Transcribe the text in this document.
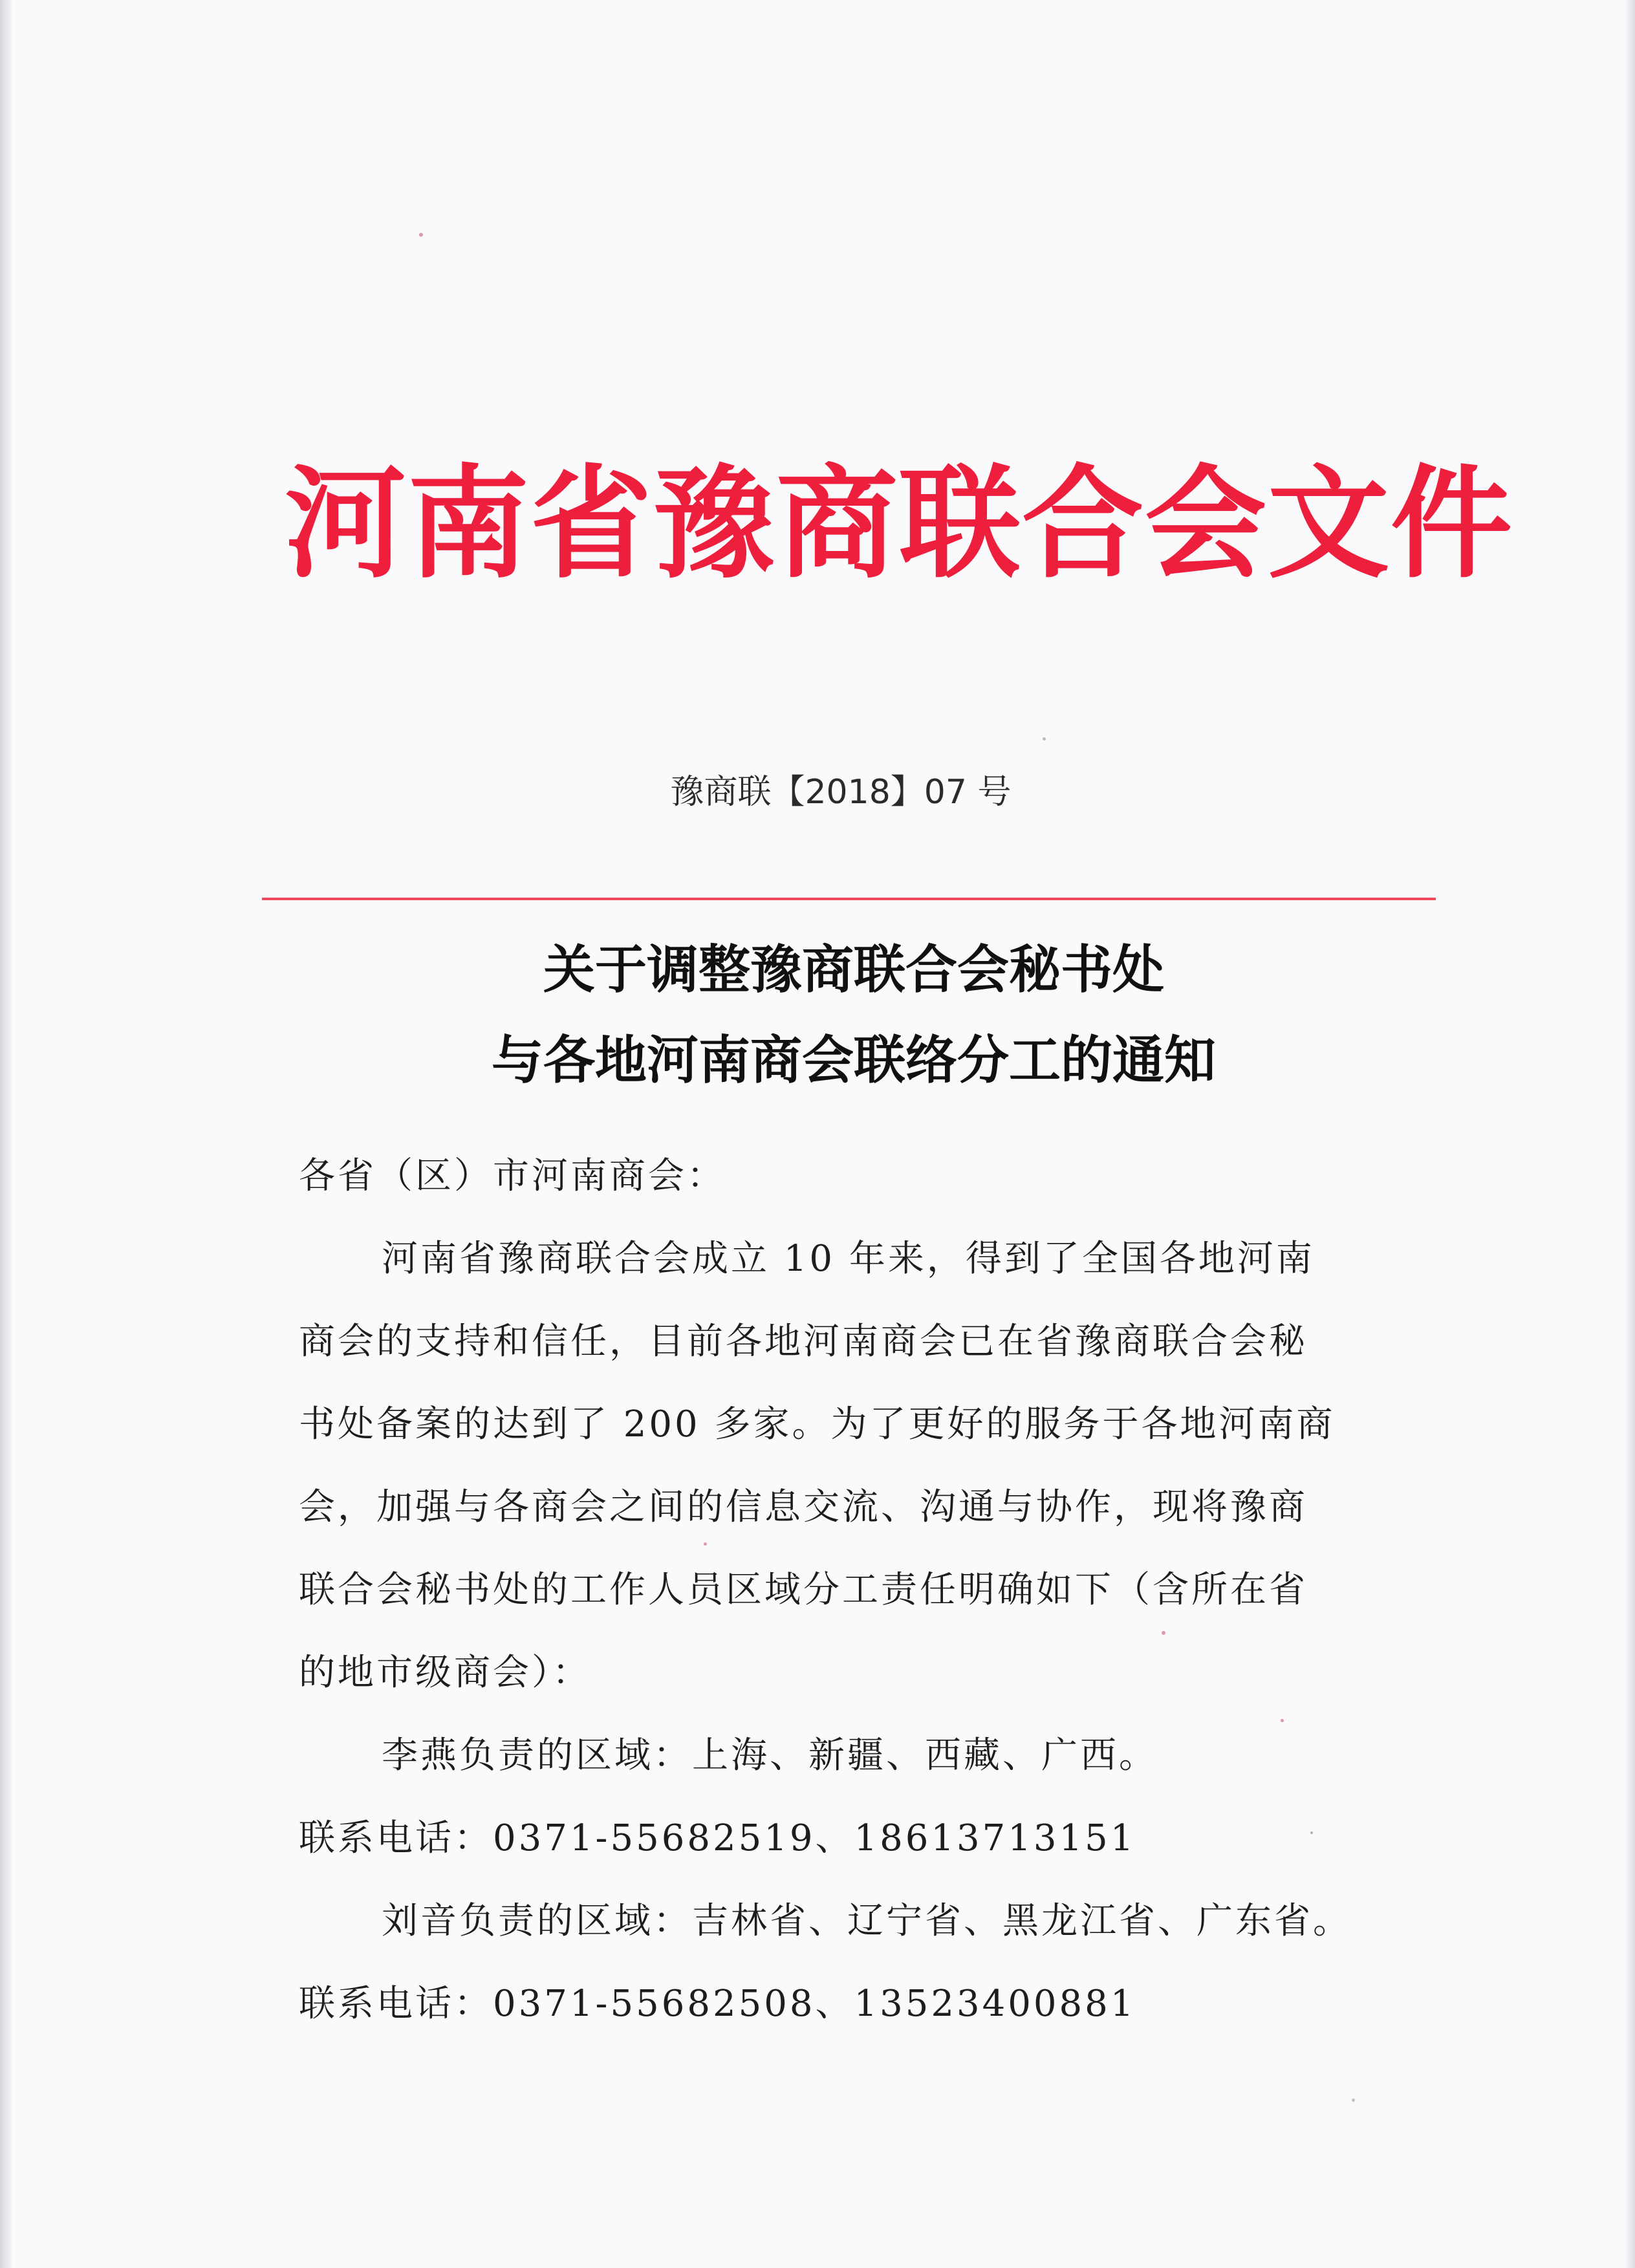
河南省豫商联合会文件
豫商联【2018】07 号
关于调整豫商联合会秘书处
与各地河南商会联络分工的通知
各省（区）市河南商会：
河南省豫商联合会成立 10 年来，得到了全国各地河南
商会的支持和信任，目前各地河南商会已在省豫商联合会秘
书处备案的达到了 200 多家。为了更好的服务于各地河南商
会，加强与各商会之间的信息交流、沟通与协作，现将豫商
联合会秘书处的工作人员区域分工责任明确如下（含所在省
的地市级商会）：
李燕负责的区域：上海、新疆、西藏、广西。
联系电话：0371-55682519、18613713151
刘音负责的区域：吉林省、辽宁省、黑龙江省、广东省。
联系电话：0371-55682508、13523400881
